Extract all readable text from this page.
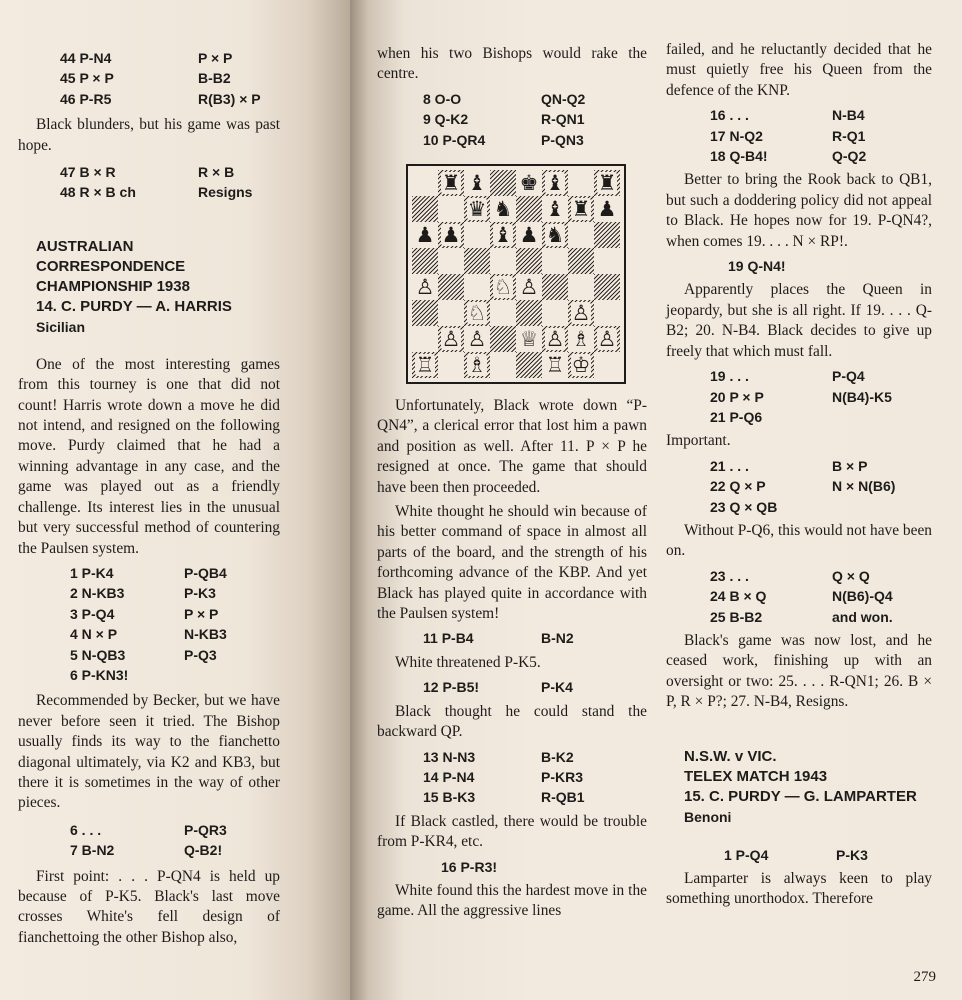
44 P-N4	P × P
45 P × P	B-B2
46 P-R5	R(B3) × P

Black blunders, but his game was past hope.

47 B × R	R × B
48 R × B ch	Resigns

AUSTRALIAN

CORRESPONDENCE

CHAMPIONSHIP 1938

14. C. PURDY — A. HARRIS

Sicilian

One of the most interesting games from this tourney is one that did not count! Harris wrote down a move he did not intend, and resigned on the following move. Purdy claimed that he had a winning advantage in any case, and the game was played out as a friendly challenge. Its interest lies in the unusual but very successful method of countering the Paulsen system.

1 P-K4	P-QB4
2 N-KB3	P-K3
3 P-Q4	P × P
4 N × P	N-KB3
5 N-QB3	P-Q3
6 P-KN3!

Recommended by Becker, but we have never before seen it tried. The Bishop usually finds its way to the fianchetto diagonal ultimately, via K2 and KB3, but there it is sometimes in the way of other pieces.

6 . . .	P-QR3
7 B-N2	Q-B2!

First point: . . . P-QN4 is held up because of P-K5. Black's last move crosses White's fell design of fianchettoing the other Bishop also,

when his two Bishops would rake the centre.

8 O-O	QN-Q2
9 Q-K2	R-QN1
10 P-QR4	P-QN3
♜ ♝ ♚ ♝ ♜
♛ ♞ ♝ ♜ ♟
♟ ♟ ♝ ♟ ♞
♙	♘ ♙
♘	♙
♙ ♙ ♕ ♙ ♗ ♙
♖ ♗	♖ ♔

Unfortunately, Black wrote down “P-QN4”, a clerical error that lost him a pawn and position as well. After 11. P × P he resigned at once. The game that should have been then proceeded.

White thought he should win because of his better command of space in almost all parts of the board, and the strength of his forthcoming advance of the KBP. And yet Black has played quite in accordance with the Paulsen system!

11 P-B4	B-N2

White threatened P-K5.

12 P-B5!	P-K4

Black thought he could stand the backward QP.

13 N-N3	B-K2
14 P-N4	P-KR3
15 B-K3	R-QB1

If Black castled, there would be trouble from P-KR4, etc.

16 P-R3!

White found this the hardest move in the game. All the aggressive lines

failed, and he reluctantly decided that he must quietly free his Queen from the defence of the KNP.

16 . . .	N-B4
17 N-Q2	R-Q1
18 Q-B4!	Q-Q2

Better to bring the Rook back to QB1, but such a doddering policy did not appeal to Black. He hopes now for 19. P-QN4?, when comes 19. . . . N × RP!.

19 Q-N4!

Apparently places the Queen in jeopardy, but she is all right. If 19. . . . Q-B2; 20. N-B4. Black decides to give up freely that which must fall.

19 . . .	P-Q4
20 P × P	N(B4)-K5
21 P-Q6

Important.

21 . . .	B × P
22 Q × P	N × N(B6)
23 Q × QB

Without P-Q6, this would not have been on.

23 . . .	Q × Q
24 B × Q	N(B6)-Q4
25 B-B2	and won.

Black's game was now lost, and he ceased work, finishing up with an oversight or two: 25. . . . R-QN1; 26. B × P, R × P?; 27. N-B4, Resigns.

N.S.W. v VIC.

TELEX MATCH 1943

15. C. PURDY — G. LAMPARTER

Benoni

1 P-Q4	P-K3

Lamparter is always keen to play something unorthodox. Therefore

279
